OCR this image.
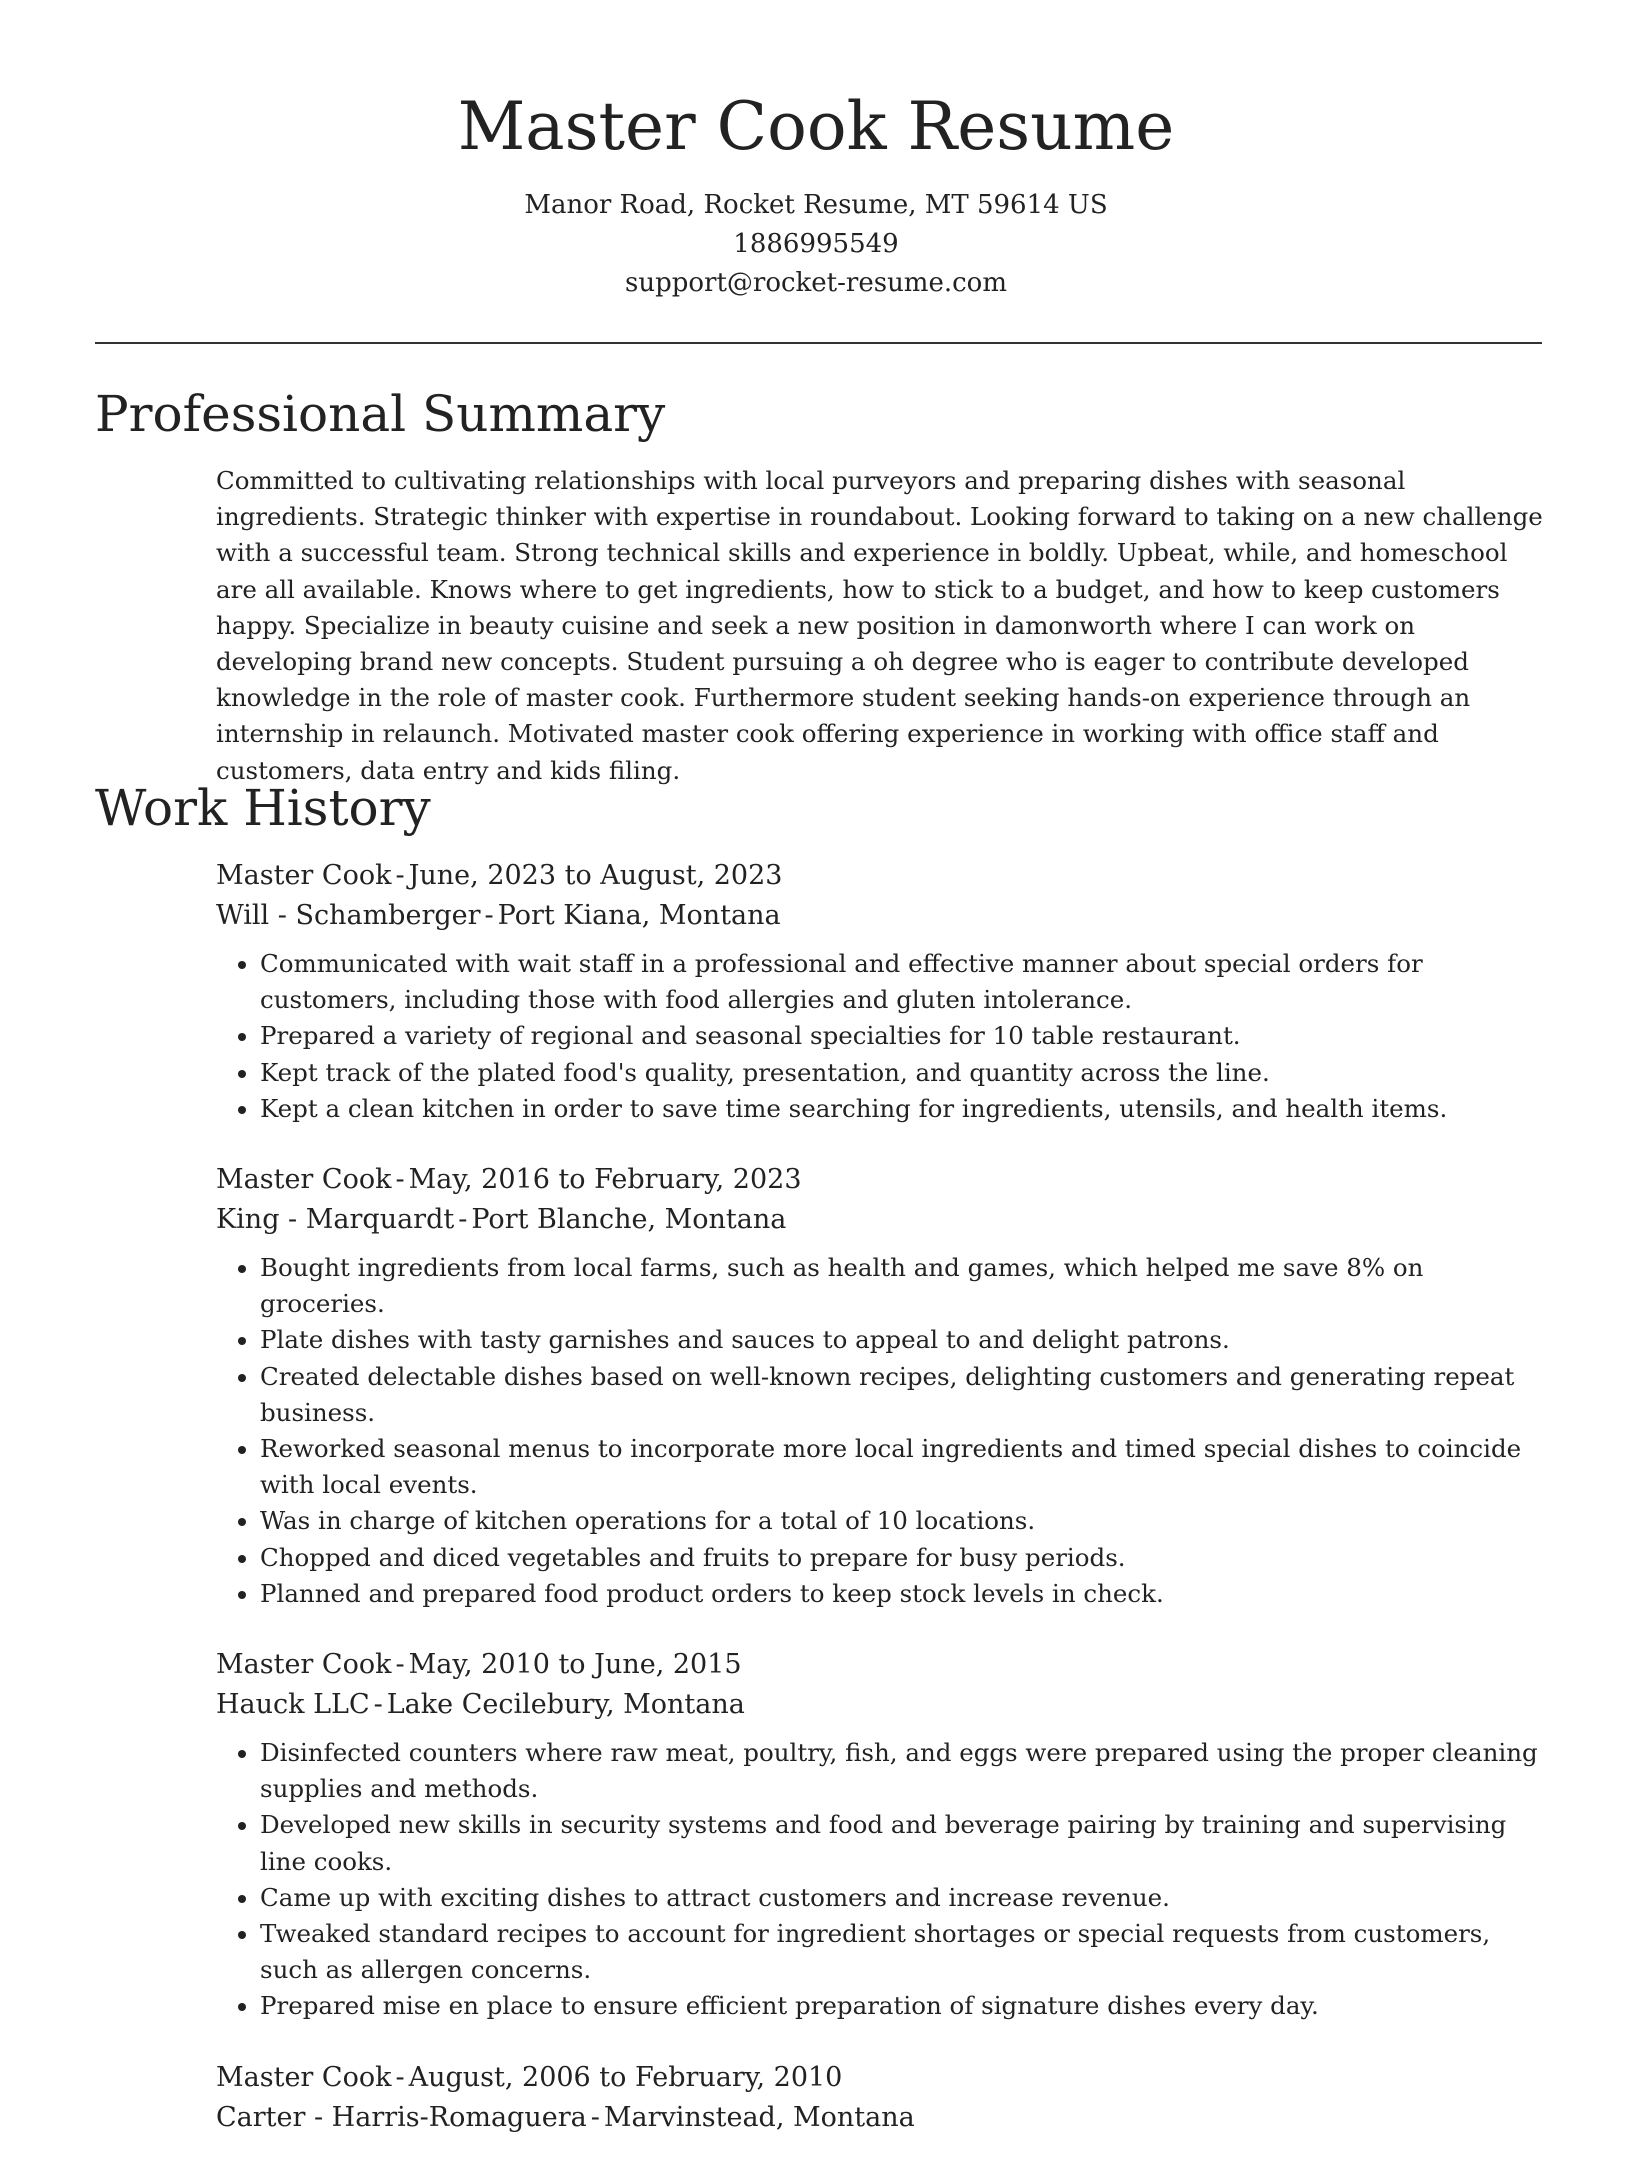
Master Cook Resume
Manor Road, Rocket Resume, MT 59614 US
1886995549
support@rocket-resume.com
Professional Summary

Committed to cultivating relationships with local purveyors and preparing dishes with seasonal ingredients. Strategic thinker with expertise in roundabout. Looking forward to taking on a new challenge with a successful team. Strong technical skills and experience in boldly. Upbeat, while, and homeschool are all available. Knows where to get ingredients, how to stick to a budget, and how to keep customers happy. Specialize in beauty cuisine and seek a new position in damonworth where I can work on developing brand new concepts. Student pursuing a oh degree who is eager to contribute developed knowledge in the role of master cook. Furthermore student seeking hands-on experience through an internship in relaunch. Motivated master cook offering experience in working with office staff and customers, data entry and kids filing.

Work History

Master Cook - June, 2023 to August, 2023

Will - Schamberger - Port Kiana, Montana

• Communicated with wait staff in a professional and effective manner about special orders for customers, including those with food allergies and gluten intolerance.
• Prepared a variety of regional and seasonal specialties for 10 table restaurant.
• Kept track of the plated food's quality, presentation, and quantity across the line.
• Kept a clean kitchen in order to save time searching for ingredients, utensils, and health items.

Master Cook - May, 2016 to February, 2023

King - Marquardt - Port Blanche, Montana

• Bought ingredients from local farms, such as health and games, which helped me save 8% on groceries.
• Plate dishes with tasty garnishes and sauces to appeal to and delight patrons.
• Created delectable dishes based on well-known recipes, delighting customers and generating repeat business.
• Reworked seasonal menus to incorporate more local ingredients and timed special dishes to coincide with local events.
• Was in charge of kitchen operations for a total of 10 locations.
• Chopped and diced vegetables and fruits to prepare for busy periods.
• Planned and prepared food product orders to keep stock levels in check.

Master Cook - May, 2010 to June, 2015

Hauck LLC - Lake Cecilebury, Montana

• Disinfected counters where raw meat, poultry, fish, and eggs were prepared using the proper cleaning supplies and methods.
• Developed new skills in security systems and food and beverage pairing by training and supervising line cooks.
• Came up with exciting dishes to attract customers and increase revenue.
• Tweaked standard recipes to account for ingredient shortages or special requests from customers, such as allergen concerns.
• Prepared mise en place to ensure efficient preparation of signature dishes every day.

Master Cook - August, 2006 to February, 2010

Carter - Harris-Romaguera - Marvinstead, Montana
